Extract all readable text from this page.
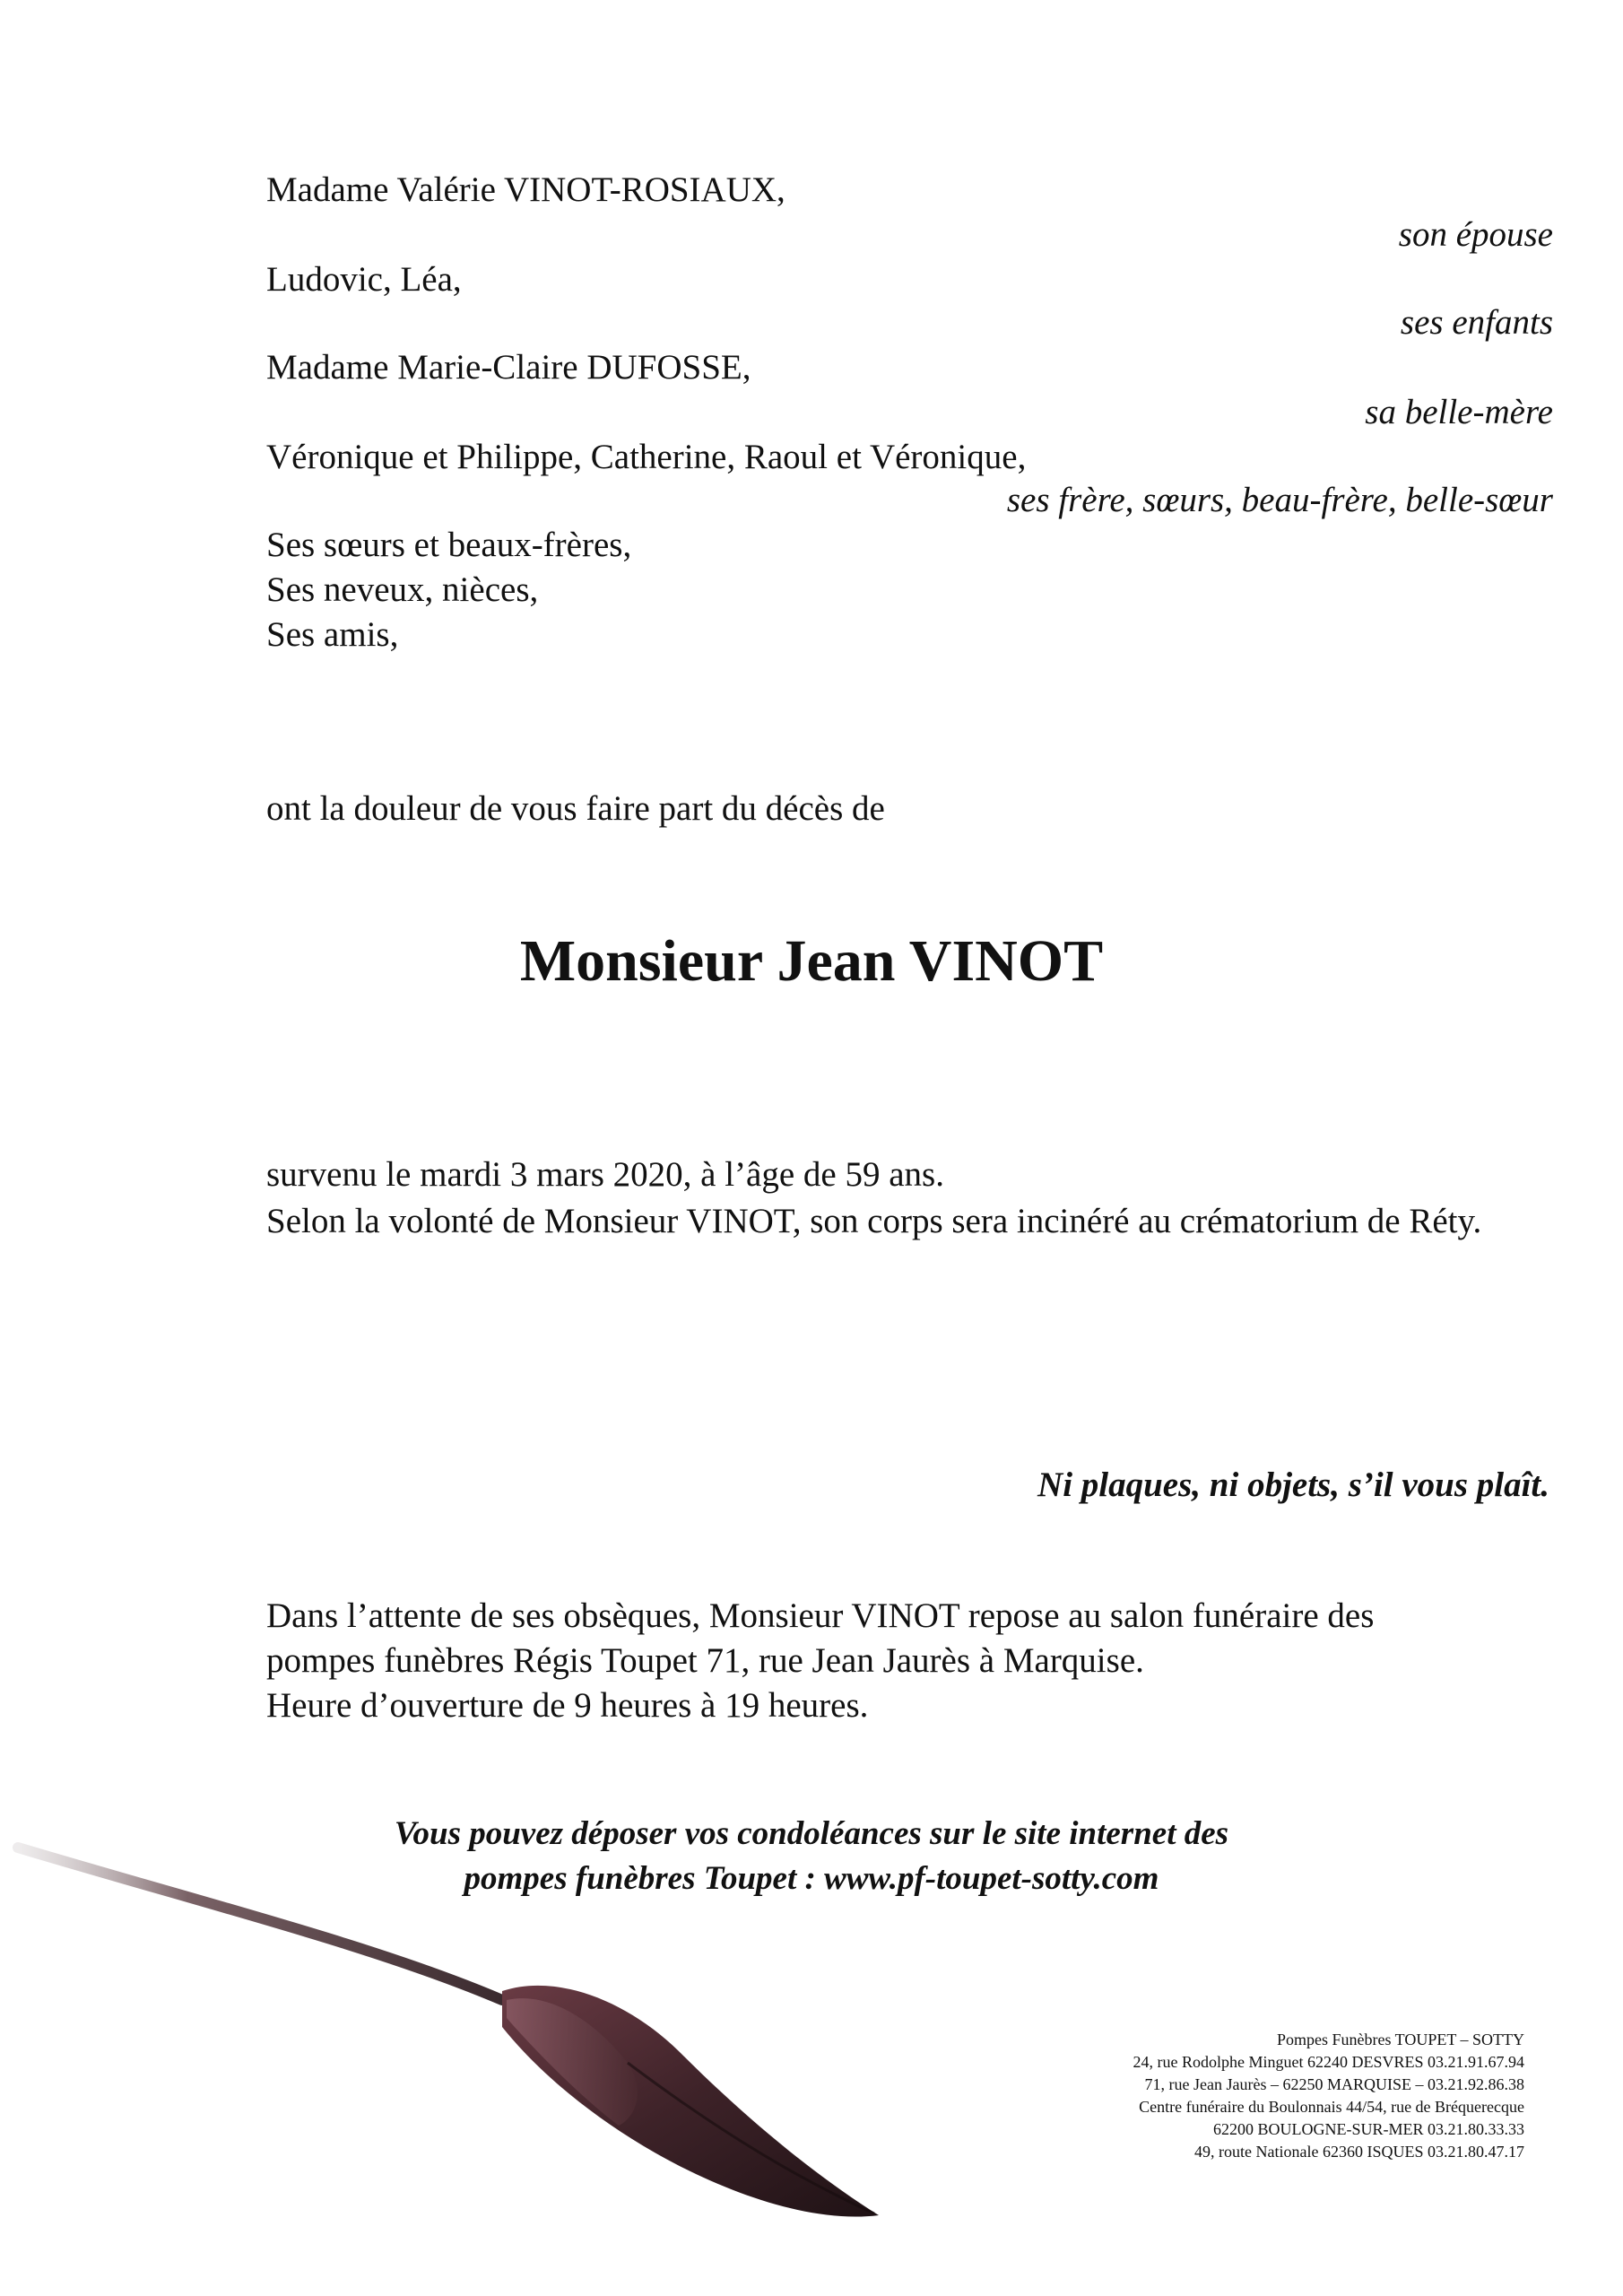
Madame Valérie VINOT-ROSIAUX,
son épouse
Ludovic, Léa,
ses enfants
Madame Marie-Claire DUFOSSE,
sa belle-mère
Véronique et Philippe, Catherine, Raoul et Véronique,
ses frère, sœurs, beau-frère, belle-sœur
Ses sœurs et beaux-frères,
Ses neveux, nièces,
Ses amis,
ont la douleur de vous faire part du décès de
Monsieur Jean VINOT
survenu le mardi 3 mars 2020, à l’âge de 59 ans.
Selon la volonté de Monsieur VINOT, son corps sera incinéré au crématorium de Réty.
Ni plaques, ni objets, s’il vous plaît.
Dans l’attente de ses obsèques, Monsieur VINOT repose au salon funéraire des
pompes funèbres Régis Toupet 71, rue Jean Jaurès à Marquise.
Heure d’ouverture de 9 heures à 19 heures.
Vous pouvez déposer vos condoléances sur le site internet des
pompes funèbres Toupet : www.pf-toupet-sotty.com
Pompes Funèbres TOUPET – SOTTY
24, rue Rodolphe Minguet 62240 DESVRES 03.21.91.67.94
71, rue Jean Jaurès – 62250 MARQUISE – 03.21.92.86.38
Centre funéraire du Boulonnais 44/54, rue de Bréquerecque
62200 BOULOGNE-SUR-MER 03.21.80.33.33
49, route Nationale 62360 ISQUES 03.21.80.47.17
